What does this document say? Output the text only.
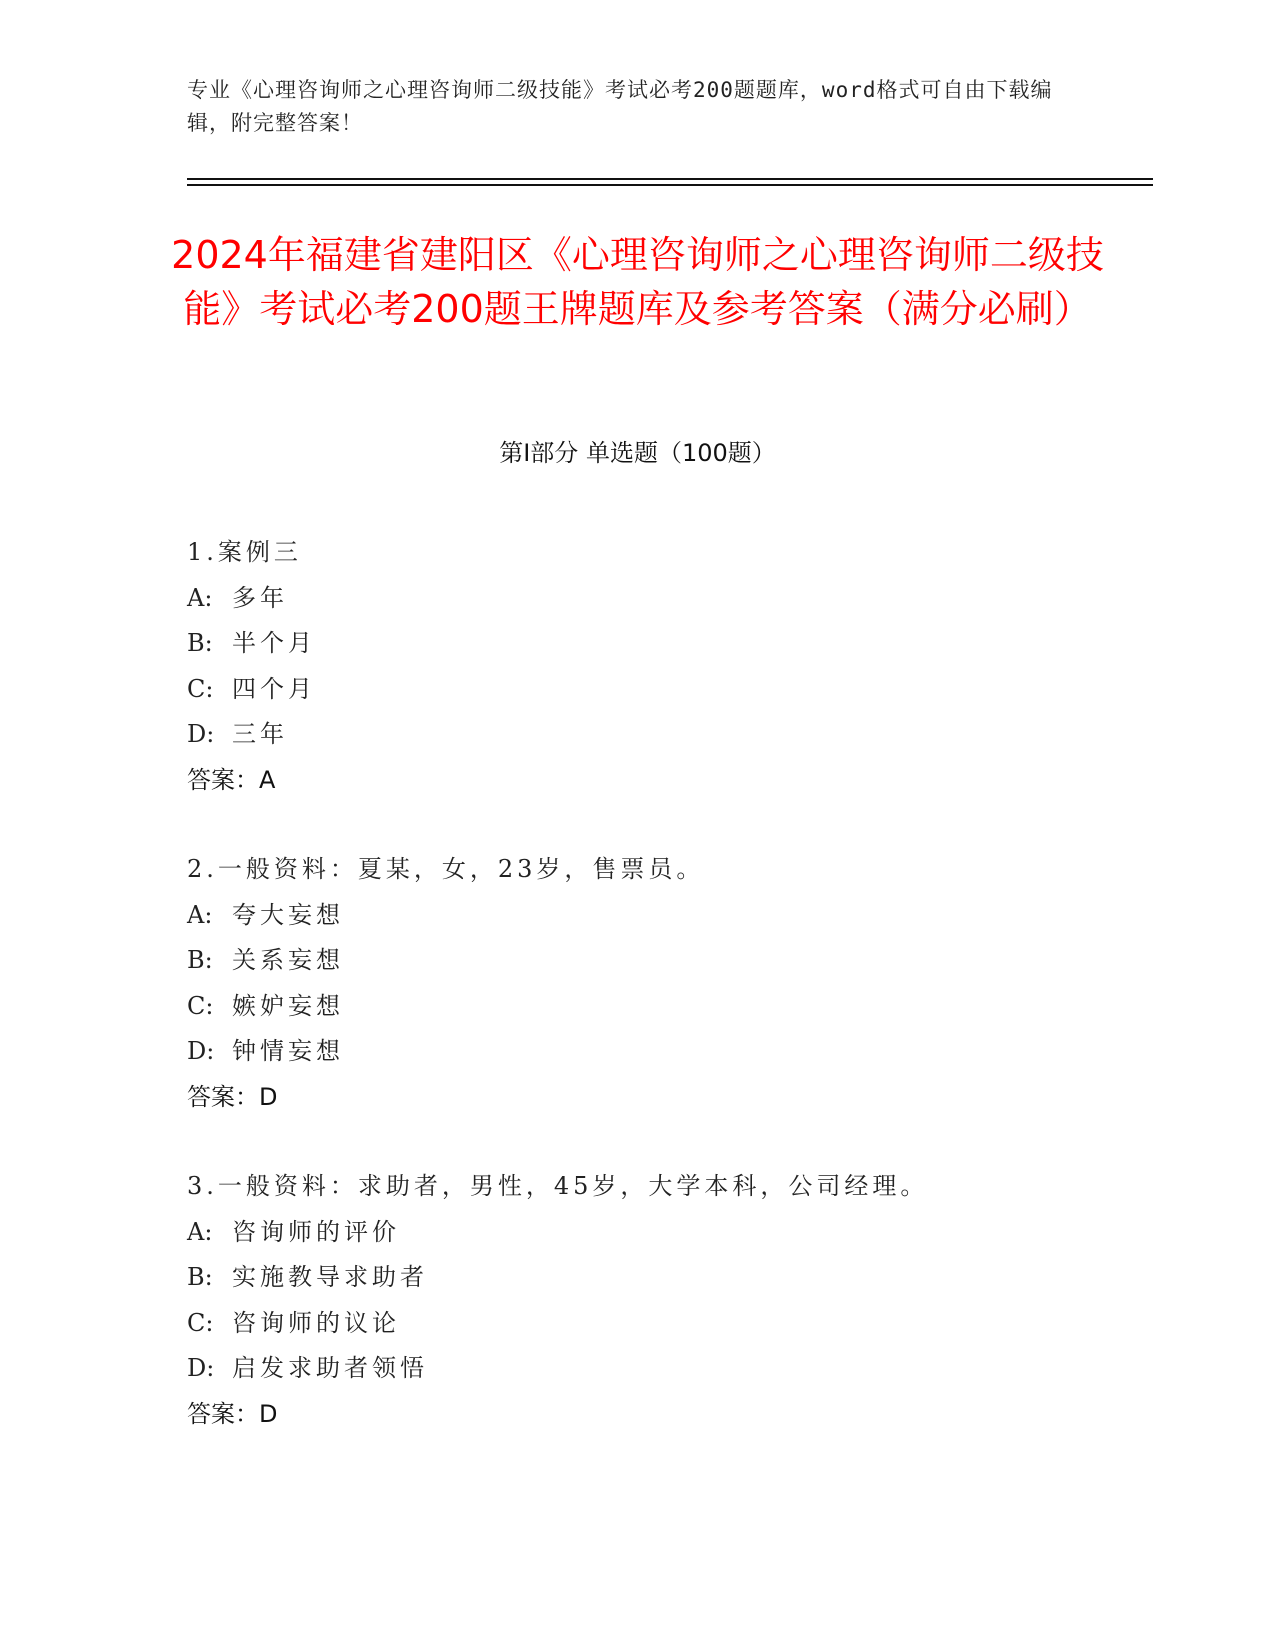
专业《心理咨询师之心理咨询师二级技能》考试必考200题题库，word格式可自由下载编辑，附完整答案！
2024年福建省建阳区《心理咨询师之心理咨询师二级技能》考试必考200题王牌题库及参考答案（满分必刷）
第Ⅰ部分 单选题（100题）
1.案例三
A: 多年
B: 半个月
C: 四个月
D: 三年
答案：A
2.一般资料：夏某，女，23岁，售票员。
A: 夸大妄想
B: 关系妄想
C: 嫉妒妄想
D: 钟情妄想
答案：D
3.一般资料：求助者，男性，45岁，大学本科，公司经理。
A: 咨询师的评价
B: 实施教导求助者
C: 咨询师的议论
D: 启发求助者领悟
答案：D
